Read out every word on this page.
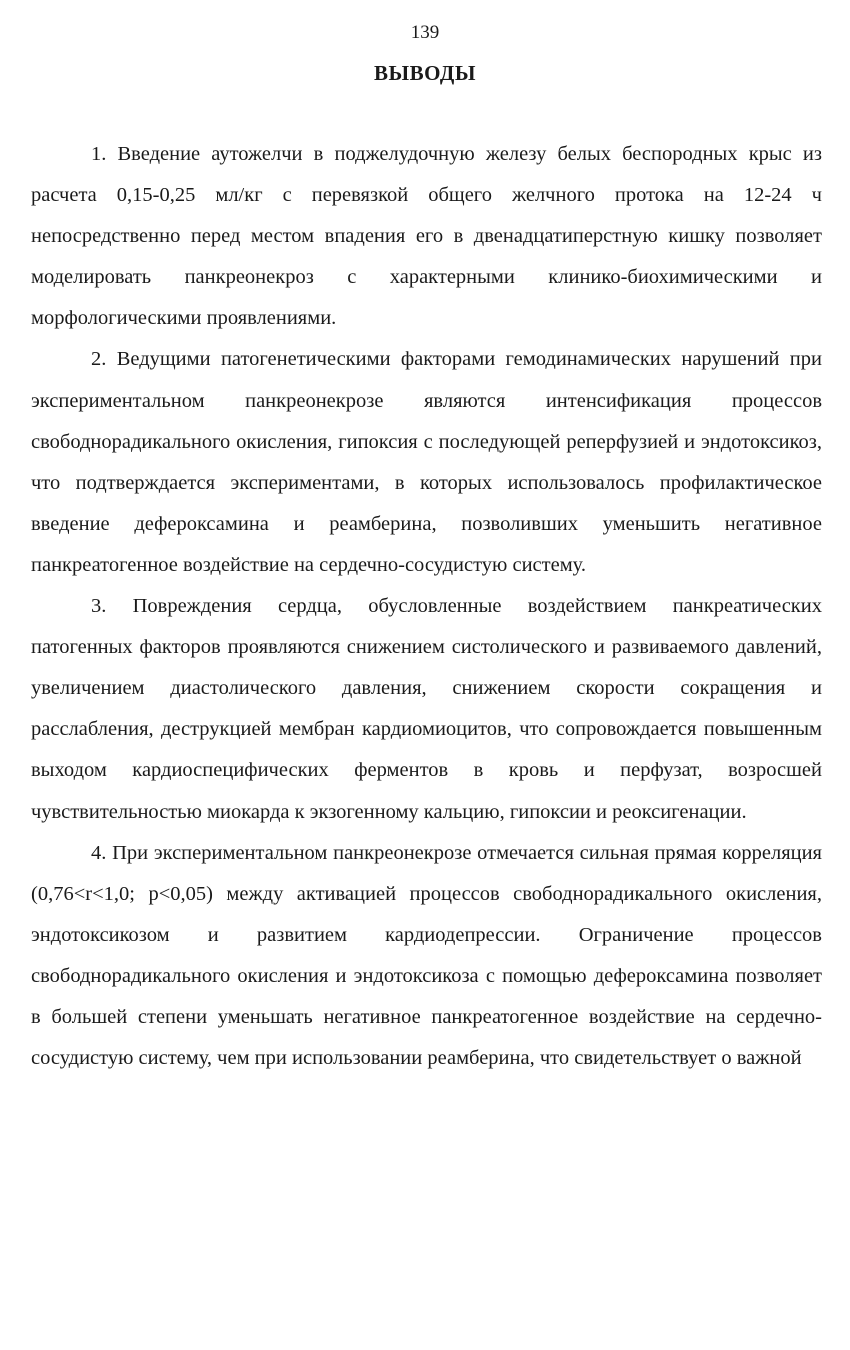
139
ВЫВОДЫ

1. Введение аутожелчи в поджелудочную железу белых беспородных крыс из расчета 0,15-0,25 мл/кг с перевязкой общего желчного протока на 12-24 ч непосредственно перед местом впадения его в двенадцатиперстную кишку позволяет моделировать панкреонекроз с характерными клинико-биохимическими и морфологическими проявлениями.

2. Ведущими патогенетическими факторами гемодинамических нарушений при экспериментальном панкреонекрозе являются интенсификация процессов свободнорадикального окисления, гипоксия с последующей реперфузией и эндотоксикоз, что подтверждается экспериментами, в которых использовалось профилактическое введение дефероксамина и реамберина, позволивших уменьшить негативное панкреатогенное воздействие на сердечно-сосудистую систему.

3. Повреждения сердца, обусловленные воздействием панкреатических патогенных факторов проявляются снижением систолического и развиваемого давлений, увеличением диастолического давления, снижением скорости сокращения и расслабления, деструкцией мембран кардиомиоцитов, что сопровождается повышенным выходом кардиоспецифических ферментов в кровь и перфузат, возросшей чувствительностью миокарда к экзогенному кальцию, гипоксии и реоксигенации.

4. При экспериментальном панкреонекрозе отмечается сильная прямая корреляция (0,76<r<1,0; p<0,05) между активацией процессов свободнорадикального окисления, эндотоксикозом и развитием кардиодепрессии. Ограничение процессов свободнорадикального окисления и эндотоксикоза с помощью дефероксамина позволяет в большей степени уменьшать негативное панкреатогенное воздействие на сердечно-сосудистую систему, чем при использовании реамберина, что свидетельствует о важной
